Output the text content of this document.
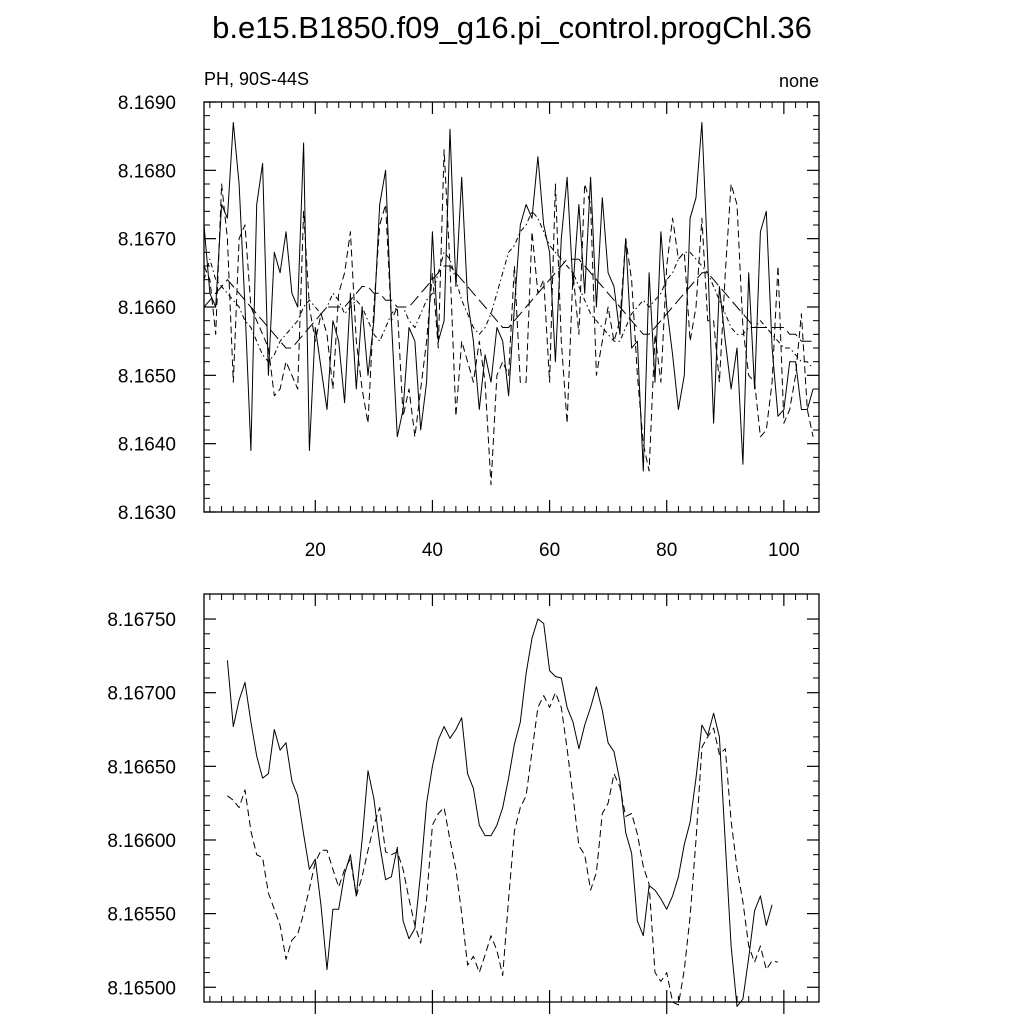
b.e15.B1850.f09_g16.pi_control.progChl.36
PH, 90S-44S	none
8.1630
8.1640
8.1650
8.1660
8.1670
8.1680
8.1690
20	40	60	80	100
8.16500
8.16550
8.16600
8.16650
8.16700
8.16750
